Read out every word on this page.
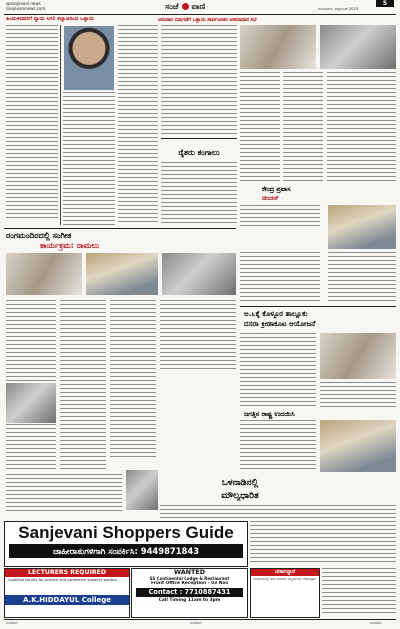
@sanjevani.news
sanjevaninews.com	ಸಂಜೆ ವಾಣಿ	ಮಂಗಳವಾರ, ಅಕ್ಟೋಬರ್ 2023
5
ಹಿಂದುಳಿದವರಿಗೆ ನ್ಯಾಯ ಸಿಗಲಿ ಕಲ್ಯಾಣದಿಂದ ಒತ್ತಾಯ	ಅನುದಾನ ಬಿಡುಗಡೆಗೆ ಒತ್ತಾಯ ಸಾರ್ವಜನಿಕರ ಅಸಮಾಧಾನ ಸಭೆ
ರೈತರು ಕಂಗಾಲು
ಕೇಂದ್ರ ಪ್ರವಾಸ
ಚಿಂದನ್
ರಂಗಮಂದಿರದಲ್ಲಿ ಸಂಗೀತ
ಕಾರ್ಯಕ್ರಮ: ರಾಮಲು
ಅ.೬ಕ್ಕೆ ಕೊಳ್ಳೂರ ತಾಲ್ಲೂಕು
ದಸರಾ ಕ್ರೀಡಾಕೂಟ ಆಯೋಜನೆ
ಜಗತ್ತಿನ ರಾಷ್ಟ್ರ ಉದಯಿಸಿ
ಒಳನಾಡಿನಲ್ಲಿ
ಮೌಲ್ಯಧಾರಿತ
Sanjevani Shoppers Guide
ಜಾಹೀರಾತುಗಳಿಗಾಗಿ ಸಂಪರ್ಕಿಸಿ: 9449871843
LECTURERS REQUIRED
Qualified faculty for science and commerce subjects wanted
A.K.HIDDAYUL College
WANTED
SS Continental Lodge & Restaurant
Front Office Reception - 03 Nos
Contact : 7710887431
Call Timing 11am to 3pm
ಬೇಕಾಗಿದ್ದಾರೆ
ಬೆಂಗಳೂರಿನಲ್ಲಿ ಕೆಲಸ ಮಾಡಲು ಅಭ್ಯರ್ಥಿಗಳು ಬೇಕಾಗಿದ್ದಾರೆ
ಸಂಜೆವಾಣಿ	ಸಂಜೆವಾಣಿ	ಸಂಜೆವಾಣಿ
